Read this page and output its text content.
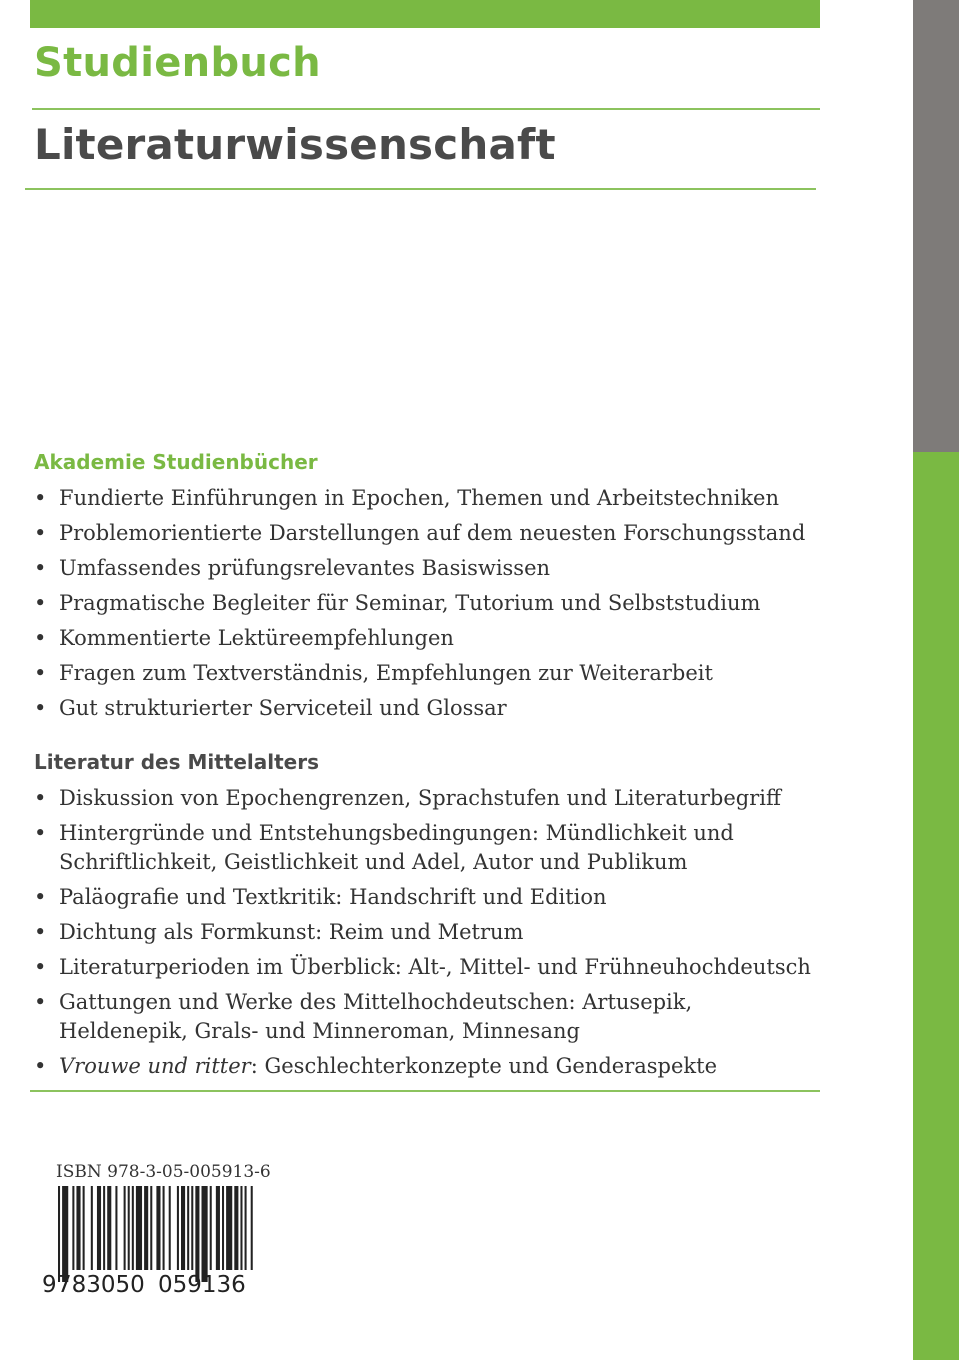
Studienbuch
Literaturwissenschaft
Akademie Studienbücher
• Fundierte Einführungen in Epochen, Themen und Arbeitstechniken
• Problemorientierte Darstellungen auf dem neuesten Forschungsstand
• Umfassendes prüfungsrelevantes Basiswissen
• Pragmatische Begleiter für Seminar, Tutorium und Selbststudium
• Kommentierte Lektüreempfehlungen
• Fragen zum Textverständnis, Empfehlungen zur Weiterarbeit
• Gut strukturierter Serviceteil und Glossar
Literatur des Mittelalters
• Diskussion von Epochengrenzen, Sprachstufen und Literaturbegriff
• Hintergründe und Entstehungsbedingungen: Mündlichkeit und Schriftlichkeit, Geistlichkeit und Adel, Autor und Publikum
• Paläografie und Textkritik: Handschrift und Edition
• Dichtung als Formkunst: Reim und Metrum
• Literaturperioden im Überblick: Alt-, Mittel- und Frühneuhochdeutsch
• Gattungen und Werke des Mittelhochdeutschen: Artusepik, Heldenepik, Grals- und Minneroman, Minnesang
• Vrouwe und ritter: Geschlechterkonzepte und Genderaspekte

ISBN 978-3-05-005913-6

9 783050 059136
